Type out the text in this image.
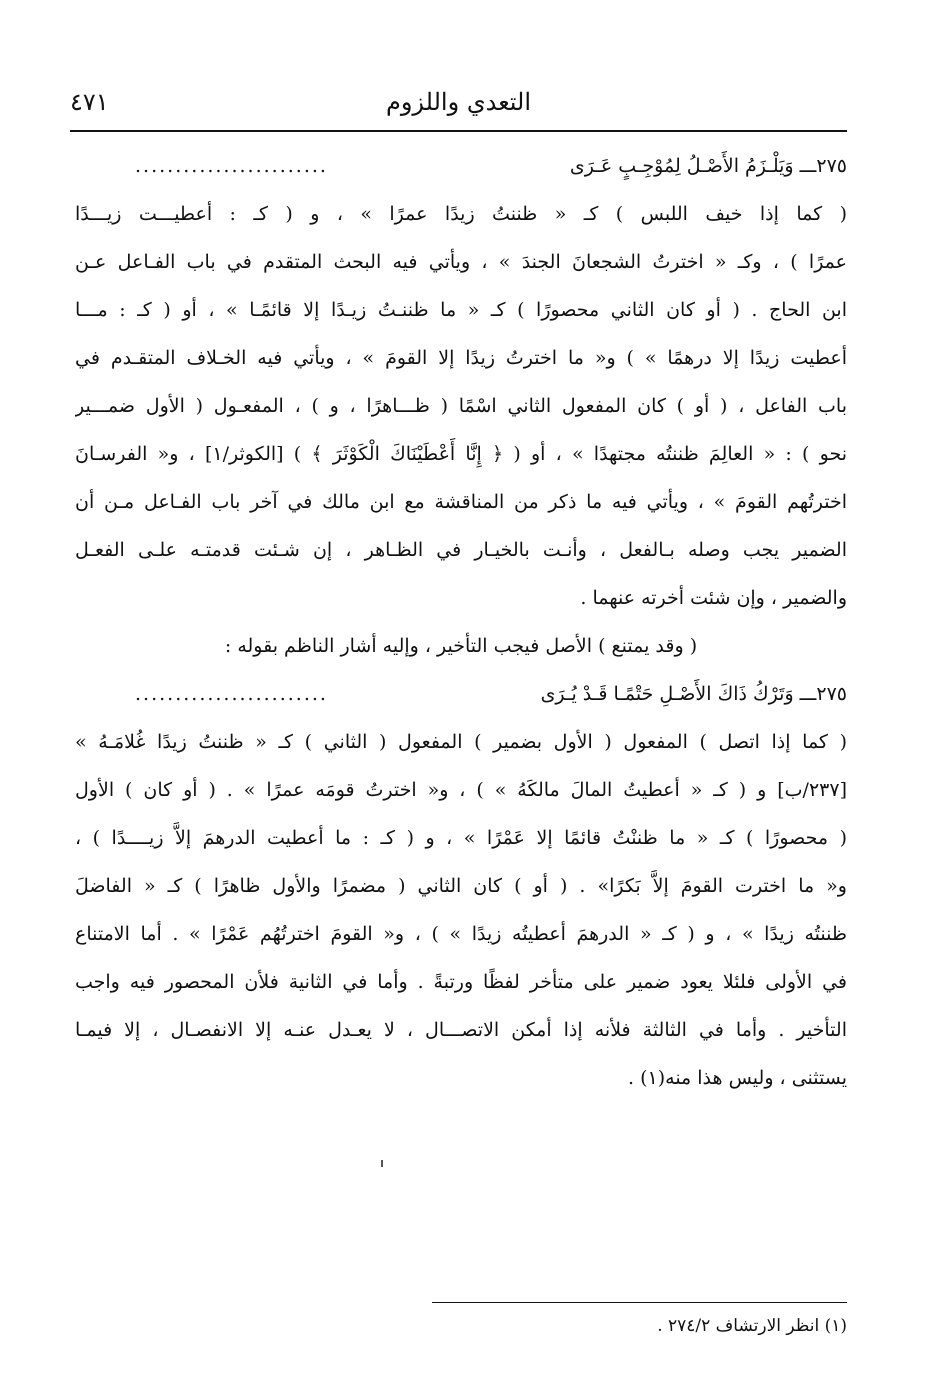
٤٧١	التعدي واللزوم
٢٧٥ـــ وَيَلْـزَمُ الأَصْـلُ لِمُوْجِـبٍ عَـرَى
........................
( كما إذا خيف اللبس ) كـ « ظننتُ زيدًا عمرًا » ، و ( كـ : أعطيـــت زيـــدًا
عمرًا ) ، وكـ « اخترتُ الشجعانَ الجندَ » ، ويأتي فيه البحث المتقدم في باب الفـاعل عـن
ابن الحاج . ( أو كان الثاني محصورًا ) كـ « ما ظننـتُ زيـدًا إلا قائمًـا » ، أو ( كـ : مـــا
أعطيت زيدًا إلا درهمًا » ) و« ما اخترتُ زيدًا إلا القومَ » ، ويأتي فيه الخـلاف المتقـدم في
باب الفاعل ، ( أو ) كان المفعول الثاني اسْمًا ( ظـــاهرًا ، و ) ، المفعـول ( الأول ضمـــير
نحو ) : « العالِمَ ظننتُه مجتهدًا » ، أو ( ﴿ إِنَّا أَعْطَيْنَاكَ الْكَوْثَرَ ﴾ ) [الكوثر/١] ، و« الفرسـانَ
اخترتُهم القومَ » ، ويأتي فيه ما ذكر من المناقشة مع ابن مالك في آخر باب الفـاعل مـن أن
الضمير يجب وصله بـالفعل ، وأنـت بالخيـار في الظـاهر ، إن شـئت قدمتـه علـى الفعـل
والضمير ، وإن شئت أخرته عنهما .
( وقد يمتنع ) الأصل فيجب التأخير ، وإليه أشار الناظم بقوله :
٢٧٥ـــ وَتَرْكُ ذَاكَ الأَصْـلِ حَتْمًـا قَـدْ يُـرَى
........................
( كما إذا اتصل ) المفعول ( الأول بضمير ) المفعول ( الثاني ) كـ « ظننتُ زيدًا غُلامَـهُ »
[٢٣٧/ب] و ( كـ « أعطيتُ المالَ مالكَهُ » ) ، و« اخترتُ قومَه عمرًا » . ( أو كان ) الأول
( محصورًا ) كـ « ما ظننْتُ قائمًا إلا عَمْرًا » ، و ( كـ : ما أعطيت الدرهمَ إلاَّ زيــــدًا ) ،
و« ما اخترت القومَ إلاَّ بَكرًا» . ( أو ) كان الثاني ( مضمرًا والأول ظاهرًا ) كـ « الفاضلَ
ظننتُه زيدًا » ، و ( كـ « الدرهمَ أعطيتُه زيدًا » ) ، و« القومَ اخترتُهُم عَمْرًا » . أما الامتناع
في الأولى فلئلا يعود ضمير على متأخر لفظًا ورتبةً . وأما في الثانية فلأن المحصور فيه واجب
التأخير . وأما في الثالثة فلأنه إذا أمكن الاتصـــال ، لا يعـدل عنـه إلا الانفصـال ، إلا فيمـا
يستثنى ، وليس هذا منه(١) .
(١) انظر الارتشاف ٢٧٤/٢ .
